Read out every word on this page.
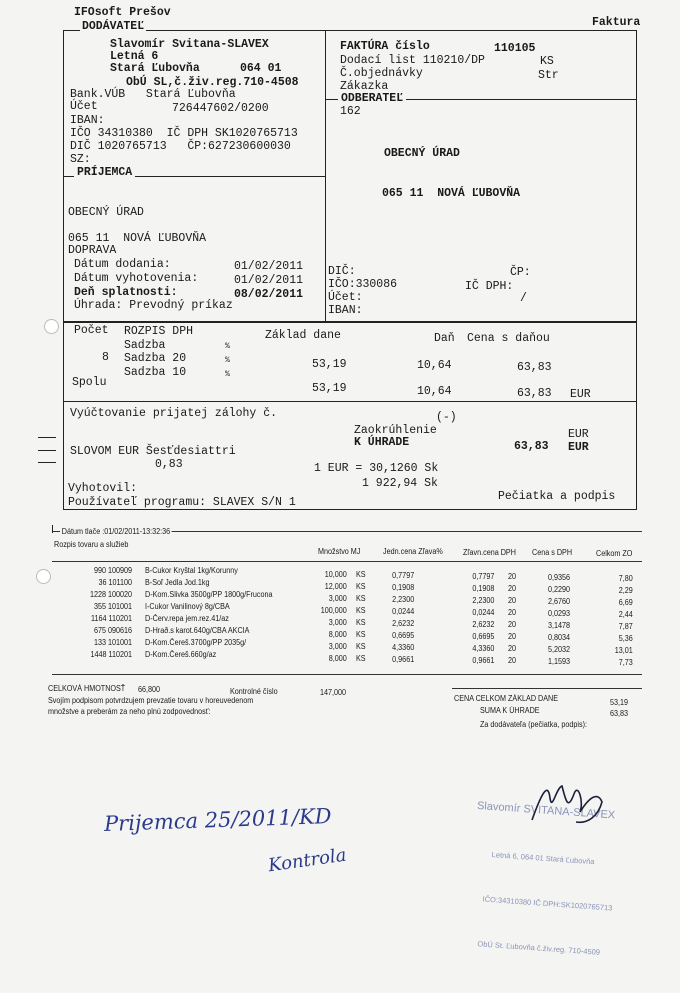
IFOsoft Prešov
Faktura
DODÁVATEĽ
Slavomír Svitana-SLAVEX
Letná 6
Stará Ľubovňa	064 01
ObÚ SL,č.živ.reg.710-4508
Bank.VÚB   Stará Ľubovňa
Účet	726447602/0200
IBAN:
IČO 34310380  IČ DPH SK1020765713
DIČ 1020765713   ČP:627230600030
SZ:
PRÍJEMCA
OBECNÝ ÚRAD
065 11  NOVÁ ĽUBOVŇA
DOPRAVA
Dátum dodania:	01/02/2011
Dátum vyhotovenia:	01/02/2011
Deň splatnosti:	08/02/2011
Úhrada: Prevodný príkaz
FAKTÚRA číslo	110105
Dodací list 110210/DP	KS
Č.objednávky	Str
Zákazka
ODBERATEĽ
162
OBECNÝ ÚRAD
065 11  NOVÁ ĽUBOVŇA
DIČ:	ČP:
IČO:330086	IČ DPH:
/
Účet:
IBAN:
Počet ROZPIS DPH	Základ dane	Daň Cena s daňou
Sadzba	%
8 Sadzba 20	%	53,19	10,64	63,83
Sadzba 10	%
Spolu	53,19	10,64	63,83 EUR
Vyúčtovanie prijatej zálohy č.	(-)
Zaokrúhlenie	EUR
K ÚHRADE	63,83 EUR
SLOVOM EUR Šesťdesiattri
0,83	1 EUR = 30,1260 Sk
1 922,94 Sk
Vyhotovil:
Používateľ programu: SLAVEX S/N 1	Pečiatka a podpis
Dátum tlače :01/02/2011-13:32:36
Rozpis tovaru a služieb
Množstvo MJ	Jedn.cena Zľava%	Zľavn.cena DPH Cena s DPH	Celkom ZO
990 100909 B-Cukor Kryštal 1kg/Korunny	10,000 KS	0,7797	0,7797 20	0,9356	7,80
36 101100 B-Soľ Jedla Jod.1kg	12,000 KS	0,1908	0,1908 20	0,2290	2,29
1228 100020 D-Kom.Slivka 3500g/PP 1800g/Frucona	3,000 KS	2,2300	2,2300 20	2,6760	6,69
355 101001 I-Cukor Vanilinový 8g/CBA	100,000 KS	0,0244	0,0244 20	0,0293	2,44
1164 110201 D-Červ.repa jem.rez.41/az	3,000 KS	2,6232	2,6232 20	3,1478	7,87
675 090616 D-Hrað.s karot.640g/CBA AKCIA	8,000 KS	0,6695	0,6695 20	0,8034	5,36
133 101001 D-Kom.Čereš.3700g/PP 2035g/	3,000 KS	4,3360	4,3360 20	5,2032	13,01
1448 110201 D-Kom.Čereš.660g/az	8,000 KS	0,9661	0,9661 20	1,1593	7,73
CELKOVÁ HMOTNOSŤ 66,800	Kontrolné číslo	147,000
Svojím podpisom potvrdzujem prevzatie tovaru v horeuvedenom
množstve a preberám za neho plnú zodpovednosť:
CENA CELKOM ZÁKLAD DANE	53,19
SUMA K ÚHRADE	63,83
Za dodávateľa (pečiatka, podpis):

Slavomír SVITANA-SLAVEX

Letná 6, 064 01 Stará Ľubovňa

IČO:34310380 IČ DPH:SK1020765713

ObÚ St. Ľubovňa č.živ.reg. 710-4509

Prijemca 25/2011/KD
Kontrola
